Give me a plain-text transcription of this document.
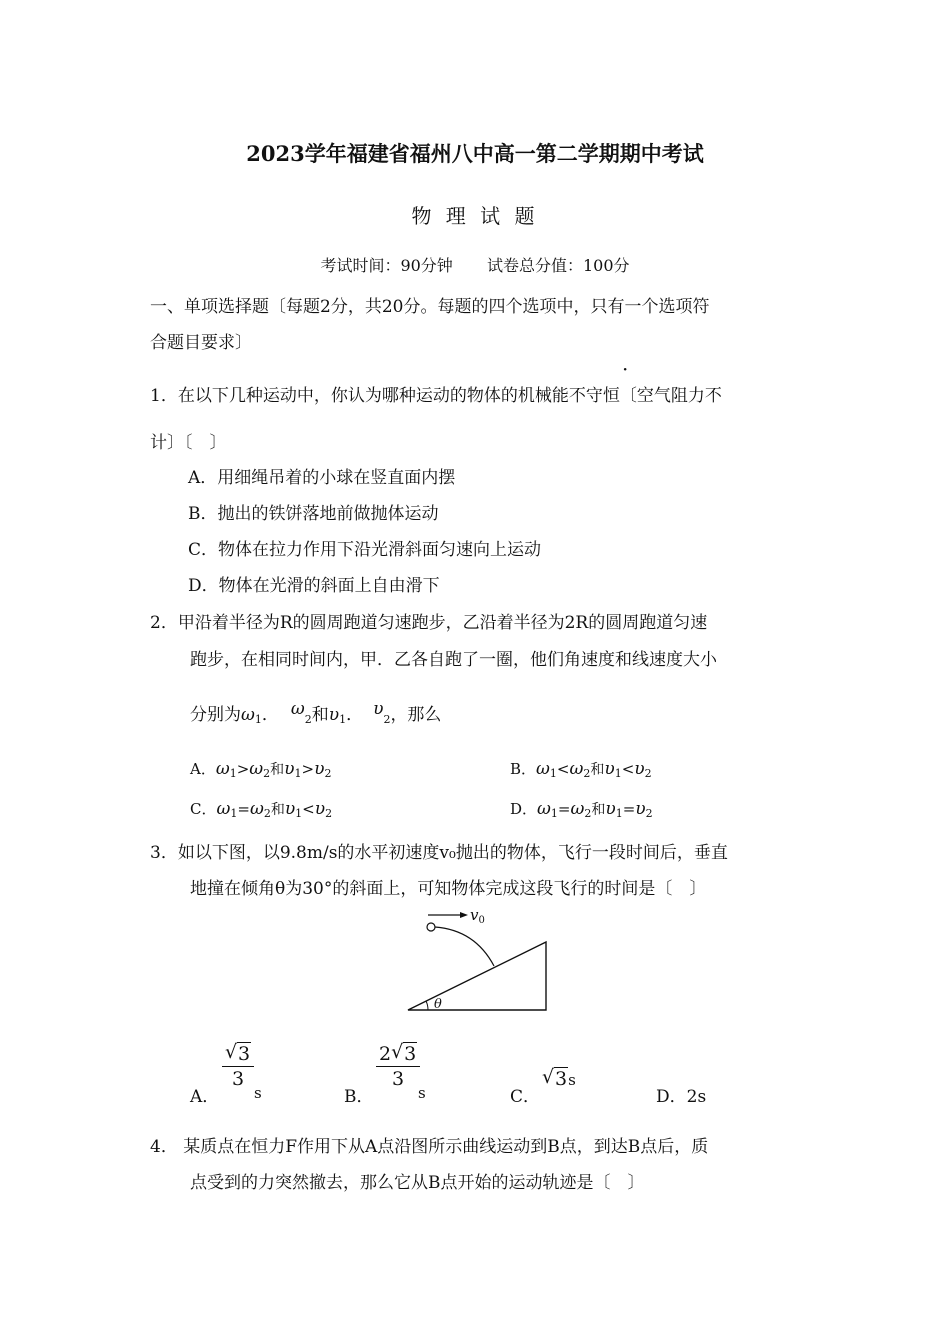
2023学年福建省福州八中高一第二学期期中考试
物 理 试 题
考试时间：90分钟 试卷总分值：100分
一、单项选择题〔每题2分，共20分。每题的四个选项中，只有一个选项符
合题目要求〕
·
1．在以下几种运动中，你认为哪种运动的物体的机械能不守恒〔空气阻力不
计〕〔　〕
A．用细绳吊着的小球在竖直面内摆
B．抛出的铁饼落地前做抛体运动
C．物体在拉力作用下沿光滑斜面匀速向上运动
D．物体在光滑的斜面上自由滑下
2．甲沿着半径为R的圆周跑道匀速跑步，乙沿着半径为2R的圆周跑道匀速
跑步，在相同时间内，甲．乙各自跑了一圈，他们角速度和线速度大小
分别为$\omega_1$． $\omega_2$和$\upsilon_1$． $\upsilon_2$，那么
A．$\omega_1>\omega_2$和$\upsilon_1>\upsilon_2$	B．$\omega_1<\omega_2$和$\upsilon_1<\upsilon_2$
C．$\omega_1=\omega_2$和$\upsilon_1<\upsilon_2$	D．$\omega_1=\omega_2$和$\upsilon_1=\upsilon_2$
3．如以下图，以9.8m/s的水平初速度v₀抛出的物体，飞行一段时间后，垂直
地撞在倾角θ为30°的斜面上，可知物体完成这段飞行的时间是〔　〕
$v_0$
θ
A．
√ 3
3
s	B．
2 √ 3
3
s	C．
√ 3s
D．2s
4． 某质点在恒力F作用下从A点沿图所示曲线运动到B点，到达B点后，质
点受到的力突然撤去，那么它从B点开始的运动轨迹是〔　〕
